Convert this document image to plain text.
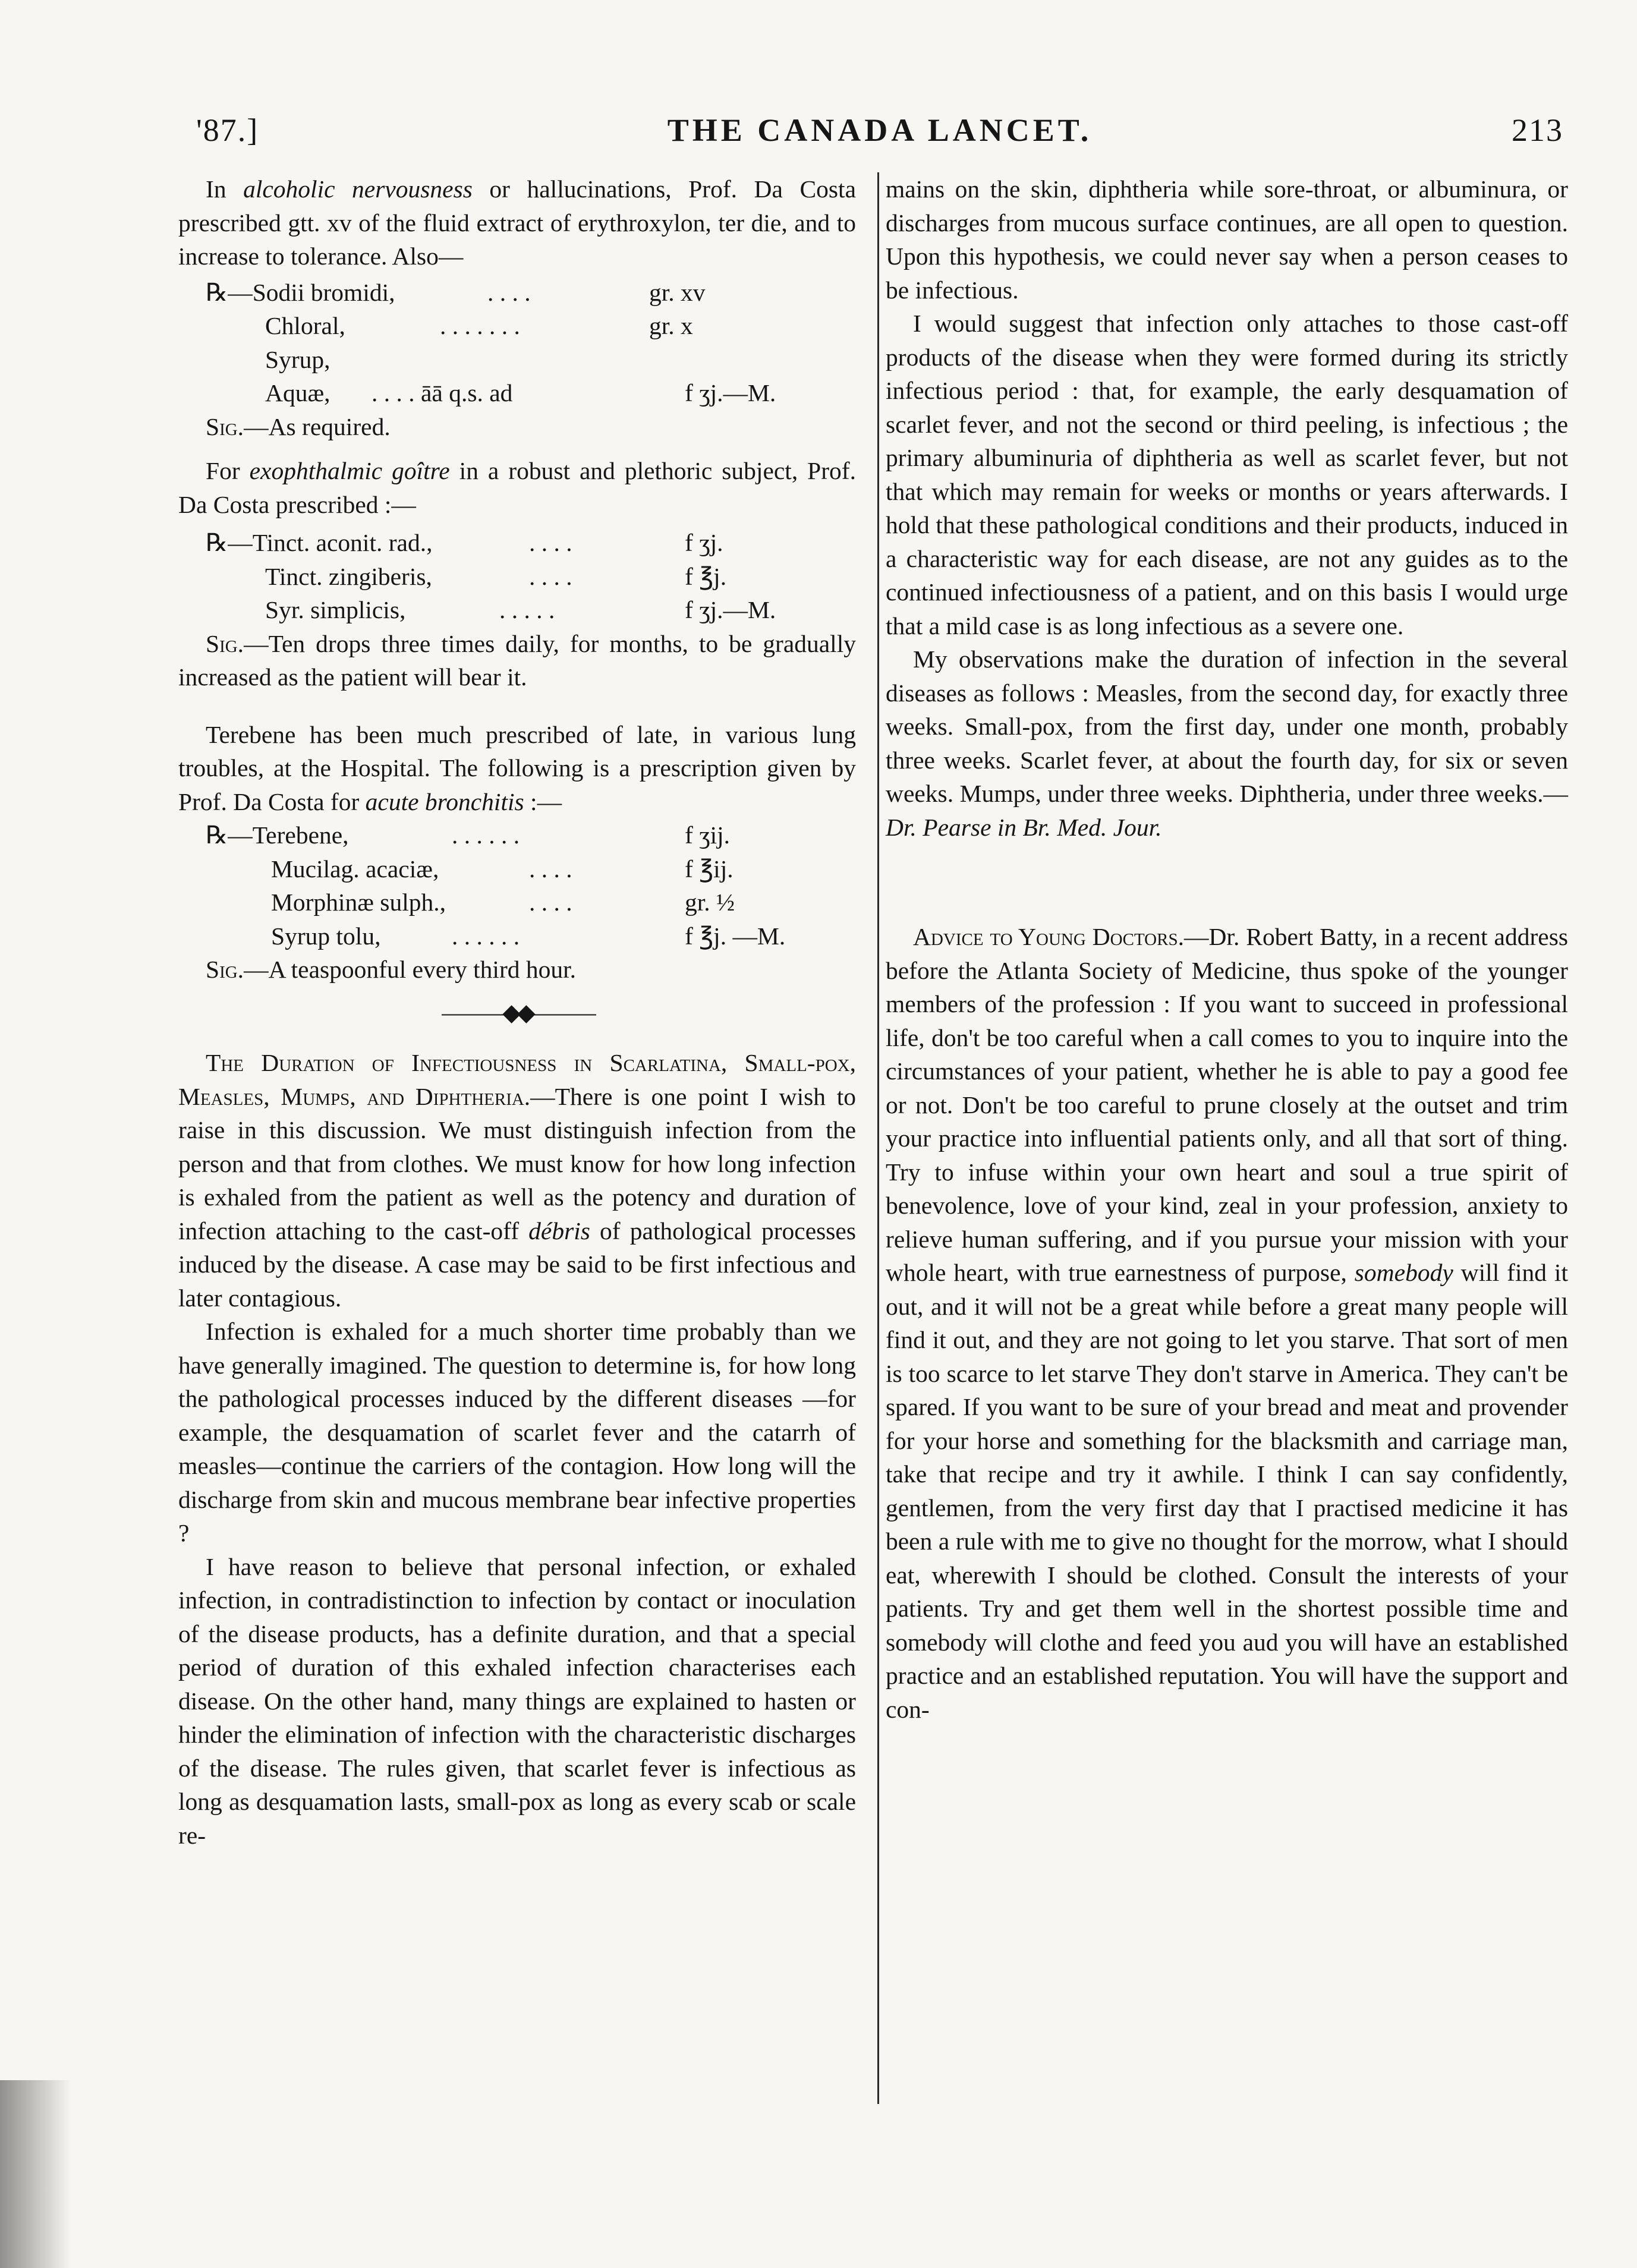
'87.]	THE CANADA LANCET.	213

In alcoholic nervousness or hallucinations, Prof. Da Costa prescribed gtt. xv of the fluid extract of erythroxylon, ter die, and to increase to tolerance. Also—

℞—Sodii bromidi,	. . . .	gr. xv
Chloral,	. . . . . . .	gr. x
Syrup,
Aquæ, . . . . āā q.s. ad	f ʒj.—M.

Sig.—As required.

For exophthalmic goître in a robust and plethoric subject, Prof. Da Costa prescribed :—

℞—Tinct. aconit. rad.,	. . . .	f ʒj.
Tinct. zingiberis,	. . . .	f ℥j.
Syr. simplicis,	. . . . .	f ʒj.—M.

Sig.—Ten drops three times daily, for months, to be gradually increased as the patient will bear it.

Terebene has been much prescribed of late, in various lung troubles, at the Hospital. The following is a prescription given by Prof. Da Costa for acute bronchitis :—

℞—Terebene,	. . . . . .	f ʒij.
Mucilag. acaciæ,	. . . .	f ℥ij.
Morphinæ sulph.,	. . . .	gr. ½
Syrup tolu,	. . . . . .	f ℥j. —M.

Sig.—A teaspoonful every third hour.

———◆◆———

The Duration of Infectiousness in Scarlatina, Small-pox, Measles, Mumps, and Diphtheria.—There is one point I wish to raise in this discussion. We must distinguish infection from the person and that from clothes. We must know for how long infection is exhaled from the patient as well as the potency and duration of infection attaching to the cast-off débris of pathological processes induced by the disease. A case may be said to be first infectious and later contagious.

Infection is exhaled for a much shorter time probably than we have generally imagined. The question to determine is, for how long the pathological processes induced by the different diseases —for example, the desquamation of scarlet fever and the catarrh of measles—continue the carriers of the contagion. How long will the discharge from skin and mucous membrane bear infective properties ?

I have reason to believe that personal infection, or exhaled infection, in contradistinction to infection by contact or inoculation of the disease products, has a definite duration, and that a special period of duration of this exhaled infection characterises each disease. On the other hand, many things are explained to hasten or hinder the elimination of infection with the characteristic discharges of the disease. The rules given, that scarlet fever is infectious as long as desquamation lasts, small-pox as long as every scab or scale re-

mains on the skin, diphtheria while sore-throat, or albuminura, or discharges from mucous surface continues, are all open to question. Upon this hypothesis, we could never say when a person ceases to be infectious.

I would suggest that infection only attaches to those cast-off products of the disease when they were formed during its strictly infectious period : that, for example, the early desquamation of scarlet fever, and not the second or third peeling, is infectious ; the primary albuminuria of diphtheria as well as scarlet fever, but not that which may remain for weeks or months or years afterwards. I hold that these pathological conditions and their products, induced in a characteristic way for each disease, are not any guides as to the continued infectiousness of a patient, and on this basis I would urge that a mild case is as long infectious as a severe one.

My observations make the duration of infection in the several diseases as follows : Measles, from the second day, for exactly three weeks. Small-pox, from the first day, under one month, probably three weeks. Scarlet fever, at about the fourth day, for six or seven weeks. Mumps, under three weeks. Diphtheria, under three weeks.—Dr. Pearse in Br. Med. Jour.

Advice to Young Doctors.—Dr. Robert Batty, in a recent address before the Atlanta Society of Medicine, thus spoke of the younger members of the profession : If you want to succeed in professional life, don't be too careful when a call comes to you to inquire into the circumstances of your patient, whether he is able to pay a good fee or not. Don't be too careful to prune closely at the outset and trim your practice into influential patients only, and all that sort of thing. Try to infuse within your own heart and soul a true spirit of benevolence, love of your kind, zeal in your profession, anxiety to relieve human suffering, and if you pursue your mission with your whole heart, with true earnestness of purpose, somebody will find it out, and it will not be a great while before a great many people will find it out, and they are not going to let you starve. That sort of men is too scarce to let starve They don't starve in America. They can't be spared. If you want to be sure of your bread and meat and provender for your horse and something for the blacksmith and carriage man, take that recipe and try it awhile. I think I can say confidently, gentlemen, from the very first day that I practised medicine it has been a rule with me to give no thought for the morrow, what I should eat, wherewith I should be clothed. Consult the interests of your patients. Try and get them well in the shortest possible time and somebody will clothe and feed you aud you will have an established practice and an established reputation. You will have the support and con-
